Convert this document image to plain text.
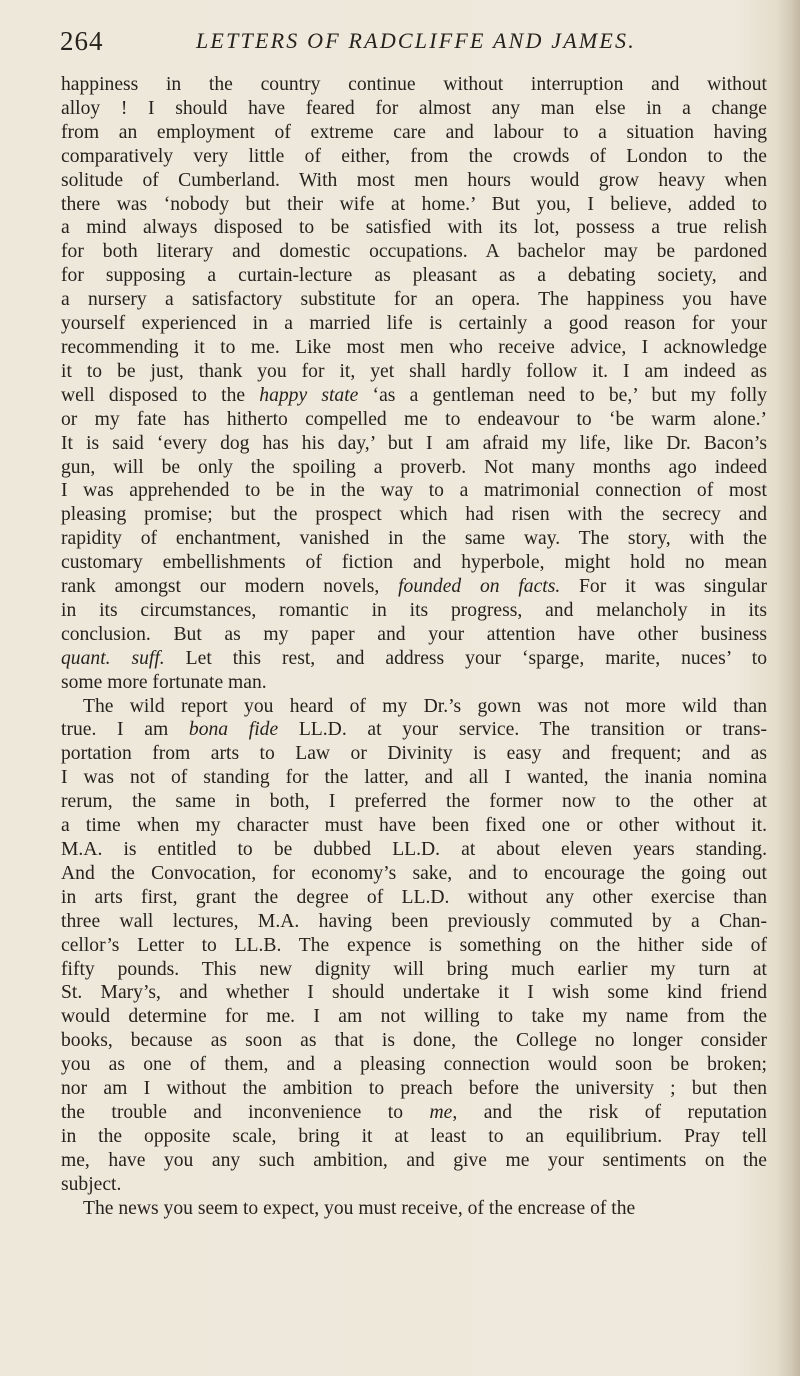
264	LETTERS OF RADCLIFFE AND JAMES.
happiness in the country continue without interruption and without
alloy ! I should have feared for almost any man else in a change
from an employment of extreme care and labour to a situation having
comparatively very little of either, from the crowds of London to the
solitude of Cumberland. With most men hours would grow heavy when
there was ‘nobody but their wife at home.’ But you, I believe, added to
a mind always disposed to be satisfied with its lot, possess a true relish
for both literary and domestic occupations. A bachelor may be pardoned
for supposing a curtain-lecture as pleasant as a debating society, and
a nursery a satisfactory substitute for an opera. The happiness you have
yourself experienced in a married life is certainly a good reason for your
recommending it to me. Like most men who receive advice, I acknowledge
it to be just, thank you for it, yet shall hardly follow it. I am indeed as
well disposed to the happy state ‘as a gentleman need to be,’ but my folly
or my fate has hitherto compelled me to endeavour to ‘be warm alone.’
It is said ‘every dog has his day,’ but I am afraid my life, like Dr. Bacon’s
gun, will be only the spoiling a proverb. Not many months ago indeed
I was apprehended to be in the way to a matrimonial connection of most
pleasing promise; but the prospect which had risen with the secrecy and
rapidity of enchantment, vanished in the same way. The story, with the
customary embellishments of fiction and hyperbole, might hold no mean
rank amongst our modern novels, founded on facts. For it was singular
in its circumstances, romantic in its progress, and melancholy in its
conclusion. But as my paper and your attention have other business
quant. suff. Let this rest, and address your ‘sparge, marite, nuces’ to
some more fortunate man.
The wild report you heard of my Dr.’s gown was not more wild than
true. I am bona fide LL.D. at your service. The transition or trans-
portation from arts to Law or Divinity is easy and frequent; and as
I was not of standing for the latter, and all I wanted, the inania nomina
rerum, the same in both, I preferred the former now to the other at
a time when my character must have been fixed one or other without it.
M.A. is entitled to be dubbed LL.D. at about eleven years standing.
And the Convocation, for economy’s sake, and to encourage the going out
in arts first, grant the degree of LL.D. without any other exercise than
three wall lectures, M.A. having been previously commuted by a Chan-
cellor’s Letter to LL.B. The expence is something on the hither side of
fifty pounds. This new dignity will bring much earlier my turn at
St. Mary’s, and whether I should undertake it I wish some kind friend
would determine for me. I am not willing to take my name from the
books, because as soon as that is done, the College no longer consider
you as one of them, and a pleasing connection would soon be broken;
nor am I without the ambition to preach before the university ; but then
the trouble and inconvenience to me, and the risk of reputation
in the opposite scale, bring it at least to an equilibrium. Pray tell
me, have you any such ambition, and give me your sentiments on the
subject.
The news you seem to expect, you must receive, of the encrease of the
